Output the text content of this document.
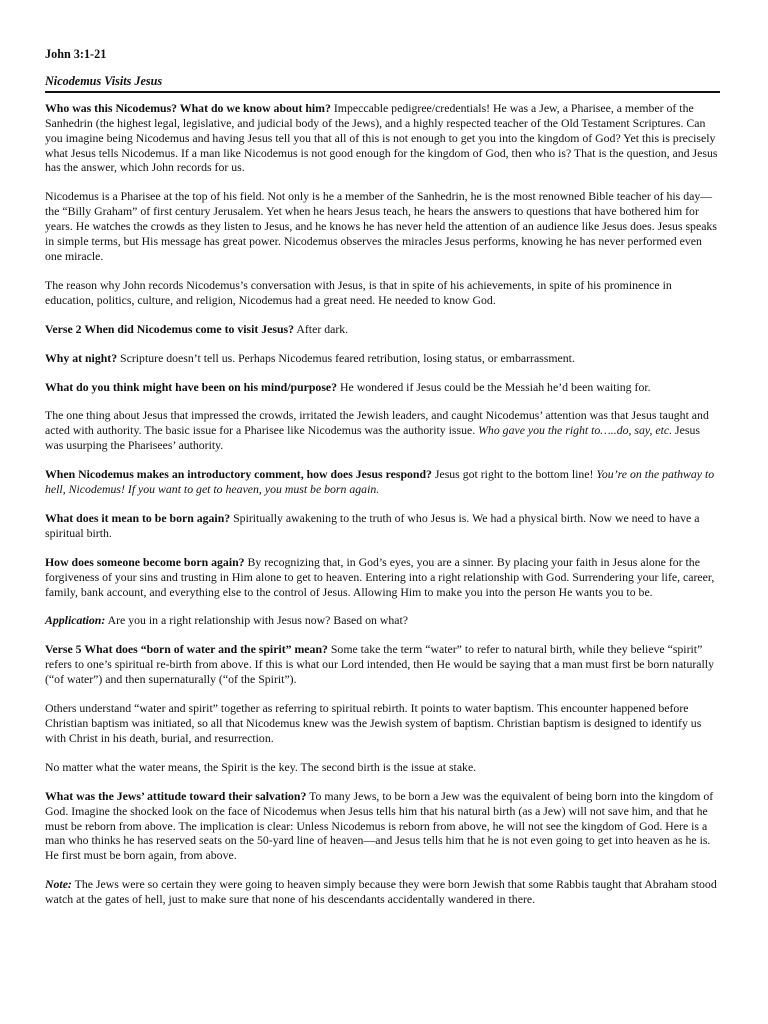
John 3:1-21

Nicodemus Visits Jesus

Who was this Nicodemus? What do we know about him? Impeccable pedigree/credentials! He was a Jew, a Pharisee, a member of the Sanhedrin (the highest legal, legislative, and judicial body of the Jews), and a highly respected teacher of the Old Testament Scriptures. Can you imagine being Nicodemus and having Jesus tell you that all of this is not enough to get you into the kingdom of God? Yet this is precisely what Jesus tells Nicodemus. If a man like Nicodemus is not good enough for the kingdom of God, then who is? That is the question, and Jesus has the answer, which John records for us.

Nicodemus is a Pharisee at the top of his field. Not only is he a member of the Sanhedrin, he is the most renowned Bible teacher of his day—the “Billy Graham” of first century Jerusalem. Yet when he hears Jesus teach, he hears the answers to questions that have bothered him for years. He watches the crowds as they listen to Jesus, and he knows he has never held the attention of an audience like Jesus does. Jesus speaks in simple terms, but His message has great power. Nicodemus observes the miracles Jesus performs, knowing he has never performed even one miracle.

The reason why John records Nicodemus’s conversation with Jesus, is that in spite of his achievements, in spite of his prominence in education, politics, culture, and religion, Nicodemus had a great need. He needed to know God.

Verse 2 When did Nicodemus come to visit Jesus? After dark.

Why at night? Scripture doesn’t tell us. Perhaps Nicodemus feared retribution, losing status, or embarrassment.

What do you think might have been on his mind/purpose? He wondered if Jesus could be the Messiah he’d been waiting for.

The one thing about Jesus that impressed the crowds, irritated the Jewish leaders, and caught Nicodemus’ attention was that Jesus taught and acted with authority. The basic issue for a Pharisee like Nicodemus was the authority issue. Who gave you the right to…..do, say, etc. Jesus was usurping the Pharisees’ authority.

When Nicodemus makes an introductory comment, how does Jesus respond? Jesus got right to the bottom line! You’re on the pathway to hell, Nicodemus! If you want to get to heaven, you must be born again.

What does it mean to be born again? Spiritually awakening to the truth of who Jesus is. We had a physical birth. Now we need to have a spiritual birth.

How does someone become born again? By recognizing that, in God’s eyes, you are a sinner. By placing your faith in Jesus alone for the forgiveness of your sins and trusting in Him alone to get to heaven. Entering into a right relationship with God. Surrendering your life, career, family, bank account, and everything else to the control of Jesus. Allowing Him to make you into the person He wants you to be.

Application: Are you in a right relationship with Jesus now? Based on what?

Verse 5 What does “born of water and the spirit” mean? Some take the term “water” to refer to natural birth, while they believe “spirit” refers to one’s spiritual re-birth from above. If this is what our Lord intended, then He would be saying that a man must first be born naturally (“of water”) and then supernaturally (“of the Spirit”).

Others understand “water and spirit” together as referring to spiritual rebirth. It points to water baptism. This encounter happened before Christian baptism was initiated, so all that Nicodemus knew was the Jewish system of baptism. Christian baptism is designed to identify us with Christ in his death, burial, and resurrection.

No matter what the water means, the Spirit is the key. The second birth is the issue at stake.

What was the Jews’ attitude toward their salvation? To many Jews, to be born a Jew was the equivalent of being born into the kingdom of God. Imagine the shocked look on the face of Nicodemus when Jesus tells him that his natural birth (as a Jew) will not save him, and that he must be reborn from above. The implication is clear: Unless Nicodemus is reborn from above, he will not see the kingdom of God. Here is a man who thinks he has reserved seats on the 50-yard line of heaven—and Jesus tells him that he is not even going to get into heaven as he is. He first must be born again, from above.

Note: The Jews were so certain they were going to heaven simply because they were born Jewish that some Rabbis taught that Abraham stood watch at the gates of hell, just to make sure that none of his descendants accidentally wandered in there.
